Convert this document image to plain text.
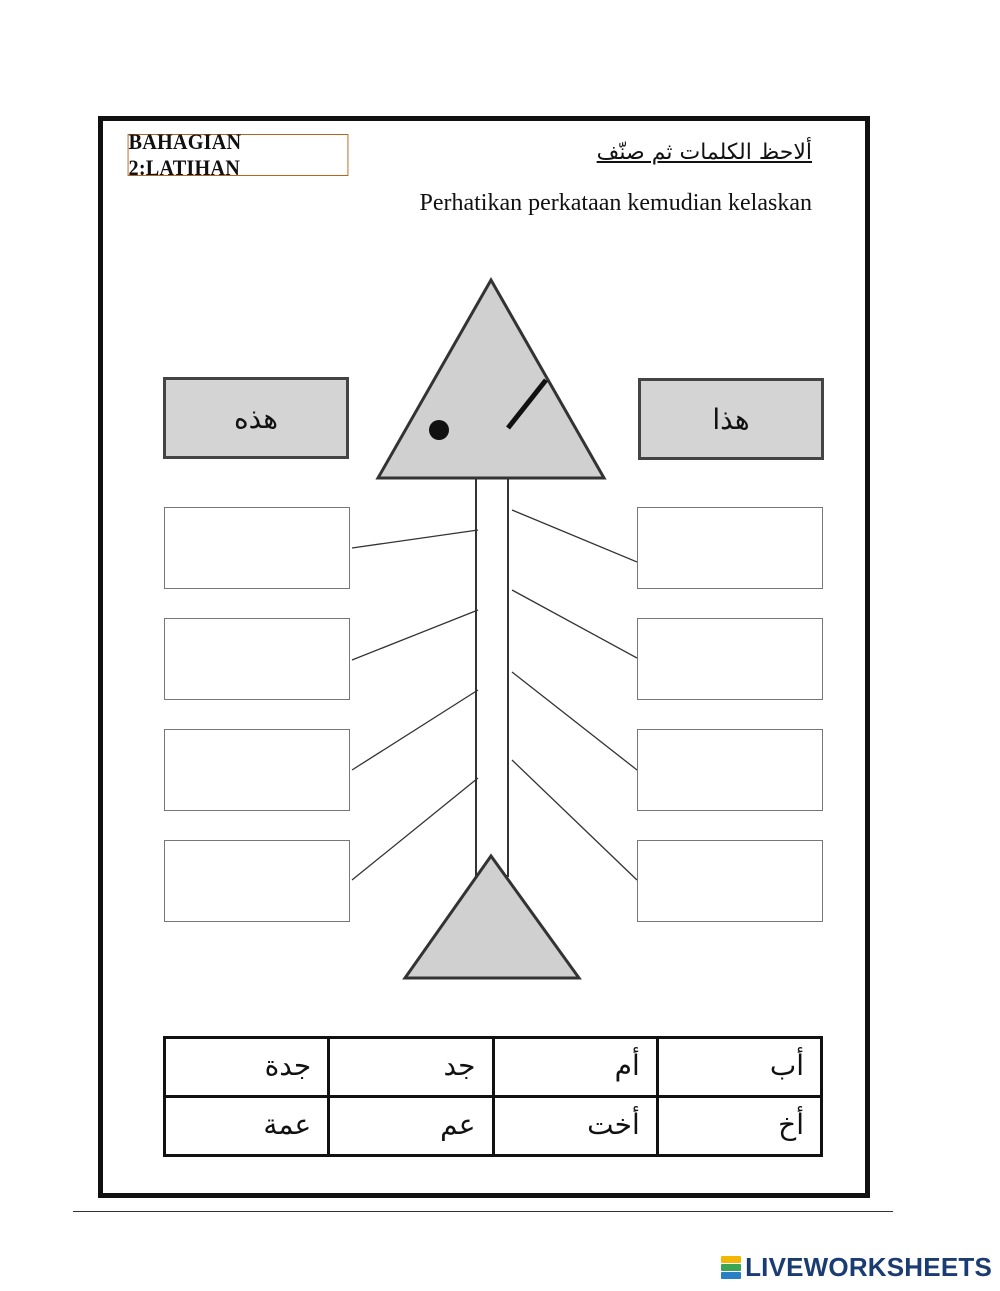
BAHAGIAN 2:LATIHAN
ألاحظ الكلمات ثم صنّف
Perhatikan perkataan kemudian kelaskan
هذه	هذا
جدة	جد	أم	أب
عمة	عم	أخت	أخ
LIVEWORKSHEETS
